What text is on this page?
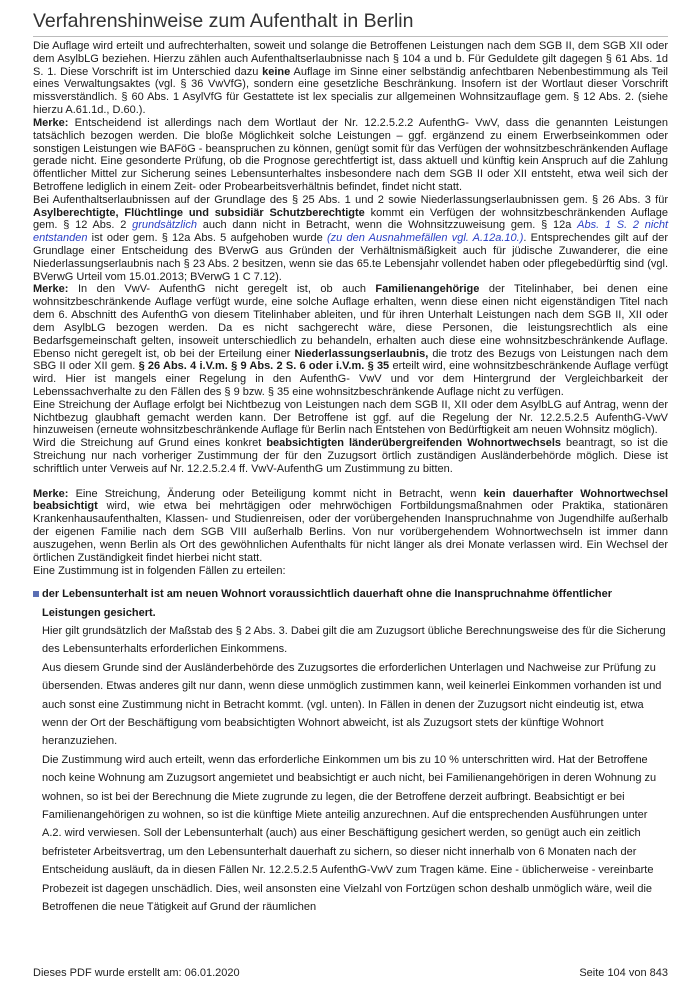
Verfahrenshinweise zum Aufenthalt in Berlin

Die Auflage wird erteilt und aufrechterhalten, soweit und solange die Betroffenen Leistungen nach dem SGB II, dem SGB XII oder dem AsylbLG beziehen. Hierzu zählen auch Aufenthaltserlaubnisse nach § 104 a und b. Für Geduldete gilt dagegen § 61 Abs. 1d S. 1. Diese Vorschrift ist im Unterschied dazu keine Auflage im Sinne einer selbständig anfechtbaren Nebenbestimmung als Teil eines Verwaltungsaktes (vgl. § 36 VwVfG), sondern eine gesetzliche Beschränkung. Insofern ist der Wortlaut dieser Vorschrift missverständlich. § 60 Abs. 1 AsylVfG für Gestattete ist lex specialis zur allgemeinen Wohnsitzauflage gem. § 12 Abs. 2. (siehe hierzu A.61.1d., D.60.).

Merke: Entscheidend ist allerdings nach dem Wortlaut der Nr. 12.2.5.2.2 AufenthG- VwV, dass die genannten Leistungen tatsächlich bezogen werden. Die bloße Möglichkeit solche Leistungen – ggf. ergänzend zu einem Erwerbseinkommen oder sonstigen Leistungen wie BAFöG - beanspruchen zu können, genügt somit für das Verfügen der wohnsitzbeschränkenden Auflage gerade nicht. Eine gesonderte Prüfung, ob die Prognose gerechtfertigt ist, dass aktuell und künftig kein Anspruch auf die Zahlung öffentlicher Mittel zur Sicherung seines Lebensunterhaltes insbesondere nach dem SGB II oder XII entsteht, etwa weil sich der Betroffene lediglich in einem Zeit- oder Probearbeitsverhältnis befindet, findet nicht statt.

Bei Aufenthaltserlaubnissen auf der Grundlage des § 25 Abs. 1 und 2 sowie Niederlassungserlaubnissen gem. § 26 Abs. 3 für Asylberechtigte, Flüchtlinge und subsidiär Schutzberechtigte kommt ein Verfügen der wohnsitzbeschränkenden Auflage gem. § 12 Abs. 2 grundsätzlich auch dann nicht in Betracht, wenn die Wohnsitzzuweisung gem. § 12a Abs. 1 S. 2 nicht entstanden ist oder gem. § 12a Abs. 5 aufgehoben wurde (zu den Ausnahmefällen vgl. A.12a.10.). Entsprechendes gilt auf der Grundlage einer Entscheidung des BVerwG aus Gründen der Verhältnismäßigkeit auch für jüdische Zuwanderer, die eine Niederlassungserlaubnis nach § 23 Abs. 2 besitzen, wenn sie das 65.te Lebensjahr vollendet haben oder pflegebedürftig sind (vgl. BVerwG Urteil vom 15.01.2013; BVerwG 1 C 7.12).

Merke: In den VwV- AufenthG nicht geregelt ist, ob auch Familienangehörige der Titelinhaber, bei denen eine wohnsitzbeschränkende Auflage verfügt wurde, eine solche Auflage erhalten, wenn diese einen nicht eigenständigen Titel nach dem 6. Abschnitt des AufenthG von diesem Titelinhaber ableiten, und für ihren Unterhalt Leistungen nach dem SGB II, XII oder dem AsylbLG bezogen werden. Da es nicht sachgerecht wäre, diese Personen, die leistungsrechtlich als eine Bedarfsgemeinschaft gelten, insoweit unterschiedlich zu behandeln, erhalten auch diese eine wohnsitzbeschränkende Auflage. Ebenso nicht geregelt ist, ob bei der Erteilung einer Niederlassungserlaubnis, die trotz des Bezugs von Leistungen nach dem SBG II oder XII gem. § 26 Abs. 4 i.V.m. § 9 Abs. 2 S. 6 oder i.V.m. § 35 erteilt wird, eine wohnsitzbeschränkende Auflage verfügt wird. Hier ist mangels einer Regelung in den AufenthG- VwV und vor dem Hintergrund der Vergleichbarkeit der Lebenssachverhalte zu den Fällen des § 9 bzw. § 35 eine wohnsitzbeschränkende Auflage nicht zu verfügen.

Eine Streichung der Auflage erfolgt bei Nichtbezug von Leistungen nach dem SGB II, XII oder dem AsylbLG auf Antrag, wenn der Nichtbezug glaubhaft gemacht werden kann. Der Betroffene ist ggf. auf die Regelung der Nr. 12.2.5.2.5 AufenthG-VwV hinzuweisen (erneute wohnsitzbeschränkende Auflage für Berlin nach Entstehen von Bedürftigkeit am neuen Wohnsitz möglich).

Wird die Streichung auf Grund eines konkret beabsichtigten länderübergreifenden Wohnortwechsels beantragt, so ist die Streichung nur nach vorheriger Zustimmung der für den Zuzugsort örtlich zuständigen Ausländerbehörde möglich. Diese ist schriftlich unter Verweis auf Nr. 12.2.5.2.4 ff. VwV-AufenthG um Zustimmung zu bitten.

Merke: Eine Streichung, Änderung oder Beteiligung kommt nicht in Betracht, wenn kein dauerhafter Wohnortwechsel beabsichtigt wird, wie etwa bei mehrtägigen oder mehrwöchigen Fortbildungsmaßnahmen oder Praktika, stationären Krankenhausaufenthalten, Klassen- und Studienreisen, oder der vorübergehenden Inanspruchnahme von Jugendhilfe außerhalb der eigenen Familie nach dem SGB VIII außerhalb Berlins. Von nur vorübergehendem Wohnortwechseln ist immer dann auszugehen, wenn Berlin als Ort des gewöhnlichen Aufenthalts für nicht länger als drei Monate verlassen wird. Ein Wechsel der örtlichen Zuständigkeit findet hierbei nicht statt.

Eine Zustimmung ist in folgenden Fällen zu erteilen:

der Lebensunterhalt ist am neuen Wohnort voraussichtlich dauerhaft ohne die Inanspruchnahme öffentlicher Leistungen gesichert.

Hier gilt grundsätzlich der Maßstab des § 2 Abs. 3. Dabei gilt die am Zuzugsort übliche Berechnungsweise des für die Sicherung des Lebensunterhalts erforderlichen Einkommens.

Aus diesem Grunde sind der Ausländerbehörde des Zuzugsortes die erforderlichen Unterlagen und Nachweise zur Prüfung zu übersenden. Etwas anderes gilt nur dann, wenn diese unmöglich zustimmen kann, weil keinerlei Einkommen vorhanden ist und auch sonst eine Zustimmung nicht in Betracht kommt. (vgl. unten). In Fällen in denen der Zuzugsort nicht eindeutig ist, etwa wenn der Ort der Beschäftigung vom beabsichtigten Wohnort abweicht, ist als Zuzugsort stets der künftige Wohnort heranzuziehen.

Die Zustimmung wird auch erteilt, wenn das erforderliche Einkommen um bis zu 10 % unterschritten wird. Hat der Betroffene noch keine Wohnung am Zuzugsort angemietet und beabsichtigt er auch nicht, bei Familienangehörigen in deren Wohnung zu wohnen, so ist bei der Berechnung die Miete zugrunde zu legen, die der Betroffene derzeit aufbringt. Beabsichtigt er bei Familienangehörigen zu wohnen, so ist die künftige Miete anteilig anzurechnen. Auf die entsprechenden Ausführungen unter A.2. wird verwiesen. Soll der Lebensunterhalt (auch) aus einer Beschäftigung gesichert werden, so genügt auch ein zeitlich befristeter Arbeitsvertrag, um den Lebensunterhalt dauerhaft zu sichern, so dieser nicht innerhalb von 6 Monaten nach der Entscheidung ausläuft, da in diesen Fällen Nr. 12.2.5.2.5 AufenthG-VwV zum Tragen käme. Eine - üblicherweise - vereinbarte Probezeit ist dagegen unschädlich. Dies, weil ansonsten eine Vielzahl von Fortzügen schon deshalb unmöglich wäre, weil die Betroffenen die neue Tätigkeit auf Grund der räumlichen

Dieses PDF wurde erstellt am: 06.01.2020	Seite 104 von 843
